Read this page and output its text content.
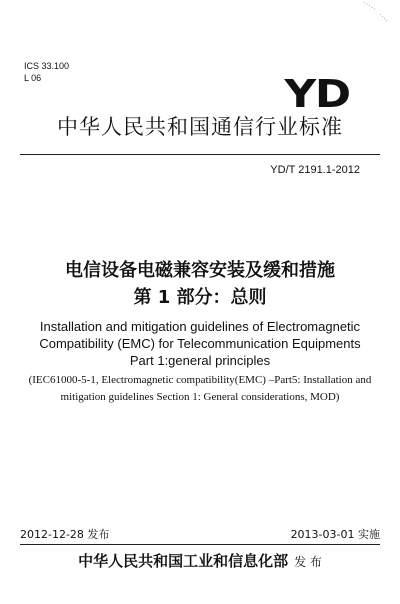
ICS 33.100
L 06	YD
中华人民共和国通信行业标准
YD/T 2191.1-2012
电信设备电磁兼容安装及缓和措施
第 1 部分：总则
Installation and mitigation guidelines of Electromagnetic
Compatibility (EMC) for Telecommunication Equipments
Part 1:general principles
(IEC61000-5-1, Electromagnetic compatibility(EMC) –Part5: Installation and
mitigation guidelines Section 1: General considerations, MOD)
2012-12-28 发布	2013-03-01 实施
中华人民共和国工业和信息化部 发 布
